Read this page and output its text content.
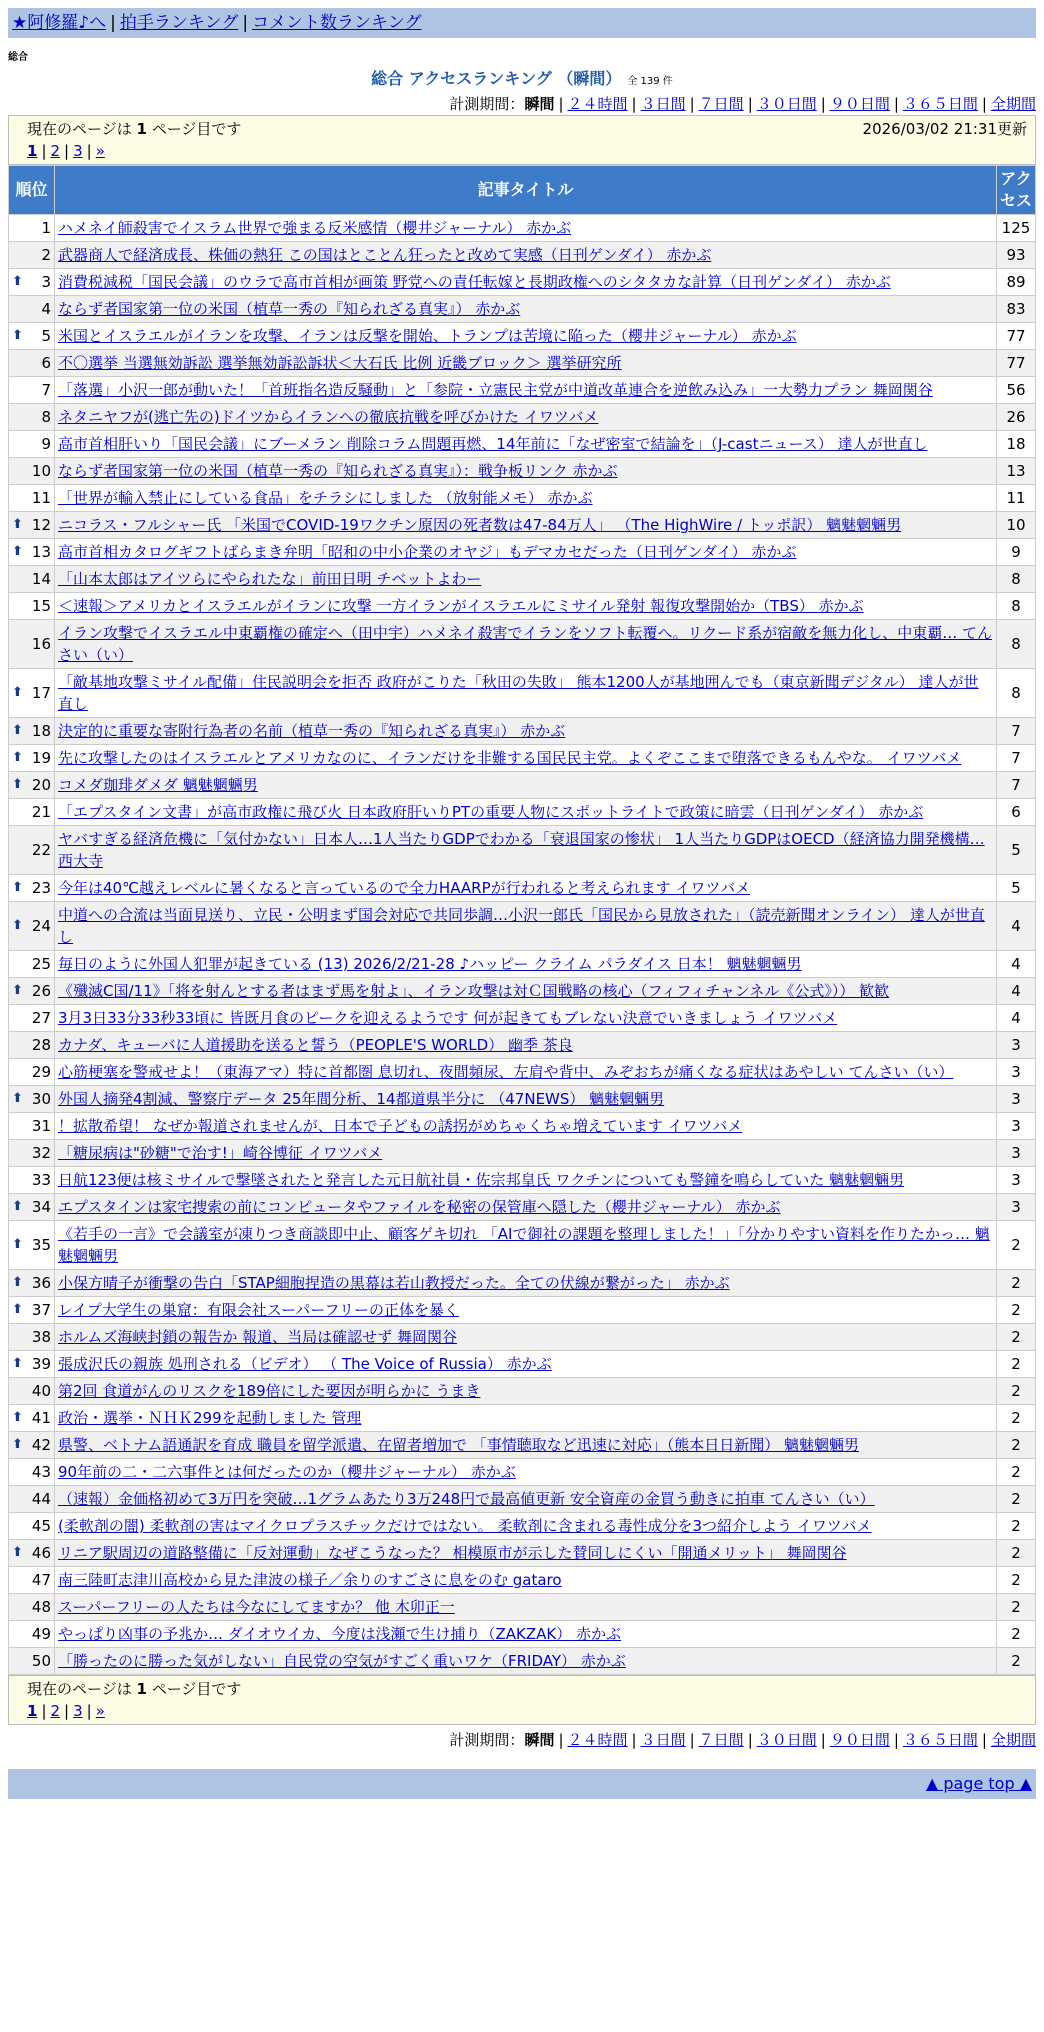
★阿修羅♪へ | 拍手ランキング | コメント数ランキング
総合
総合 アクセスランキング （瞬間） 全 139 件
計測期間：瞬間 | ２４時間 | ３日間 | ７日間 | ３０日間 | ９０日間 | ３６５日間 | 全期間
現在のページは 1 ページ目です	2026/03/02 21:31更新
1 | 2 | 3 | »
順位	記事タイトル	アクセス
1	ハメネイ師殺害でイスラム世界で強まる反米感情（櫻井ジャーナル） 赤かぶ	125
2	武器商人で経済成長、株価の熱狂 この国はとことん狂ったと改めて実感（日刊ゲンダイ） 赤かぶ	93

⬆ 3	消費税減税「国民会議」のウラで高市首相が画策 野党への責任転嫁と長期政権へのシタタカな計算（日刊ゲンダイ） 赤かぶ	89
4	ならず者国家第一位の米国（植草一秀の『知られざる真実』） 赤かぶ	83

⬆ 5	米国とイスラエルがイランを攻撃、イランは反撃を開始、トランプは苦境に陥った（櫻井ジャーナル） 赤かぶ	77
6	不〇選挙 当選無効訴訟 選挙無効訴訟訴状＜大石氏 比例 近畿ブロック＞ 選挙研究所	77
7	「落選」小沢一郎が動いた！「首班指名造反騒動」と「参院・立憲民主党が中道改革連合を逆飲み込み」一大勢力プラン 舞岡関谷	56
8	ネタニヤフが(逃亡先の)ドイツからイランへの徹底抗戦を呼びかけた イワツバメ	26
9	高市首相肝いり「国民会議」にブーメラン 削除コラム問題再燃、14年前に「なぜ密室で結論を」（J-castニュース） 達人が世直し	18
10	ならず者国家第一位の米国（植草一秀の『知られざる真実』）：戦争板リンク 赤かぶ	13
11	「世界が輸入禁止にしている食品」をチラシにしました （放射能メモ） 赤かぶ	11

⬆ 12	ニコラス・フルシャー氏 「米国でCOVID-19ワクチン原因の死者数は47-84万人」 （The HighWire / トッポ訳） 魑魅魍魎男	10

⬆ 13	高市首相カタログギフトばらまき弁明「昭和の中小企業のオヤジ」もデマカセだった（日刊ゲンダイ） 赤かぶ	9
14	「山本太郎はアイツらにやられたな」前田日明 チベットよわー	8
15	＜速報＞アメリカとイスラエルがイランに攻撃 一方イランがイスラエルにミサイル発射 報復攻撃開始か（TBS） 赤かぶ	8
16	イラン攻撃でイスラエル中東覇権の確定へ（田中宇）ハメネイ殺害でイランをソフト転覆へ。リクード系が宿敵を無力化し、中東覇… てんさい（い）	8

⬆ 17	「敵基地攻撃ミサイル配備」住民説明会を拒否 政府がこりた「秋田の失敗」 熊本1200人が基地囲んでも（東京新聞デジタル） 達人が世直し	8

⬆ 18	決定的に重要な寄附行為者の名前（植草一秀の『知られざる真実』） 赤かぶ	7

⬆ 19	先に攻撃したのはイスラエルとアメリカなのに、イランだけを非難する国民民主党。よくぞここまで堕落できるもんやな。 イワツバメ	7

⬆ 20	コメダ珈琲ダメダ 魑魅魍魎男	7
21	「エプスタイン文書」が高市政権に飛び火 日本政府肝いりPTの重要人物にスポットライトで政策に暗雲（日刊ゲンダイ） 赤かぶ	6
22	ヤバすぎる経済危機に「気付かない」日本人…1人当たりGDPでわかる「衰退国家の惨状」 1人当たりGDPはOECD（経済協力開発機構… 西大寺	5

⬆ 23	今年は40℃越えレベルに暑くなると言っているので全力HAARPが行われると考えられます イワツバメ	5

⬆ 24	中道への合流は当面見送り、立民・公明まず国会対応で共同歩調…小沢一郎氏「国民から見放された」（読売新聞オンライン） 達人が世直し	4
25	毎日のように外国人犯罪が起きている (13) 2026/2/21-28 ♪ハッピー クライム パラダイス 日本！ 魑魅魍魎男	4

⬆ 26	《殲滅C国/11》「将を射んとする者はまず馬を射よ」、イラン攻撃は対Ｃ国戦略の核心（フィフィチャンネル《公式》）） 歓歓	4
27	3月3日33分33秒33頃に 皆既月食のピークを迎えるようです 何が起きてもブレない決意でいきましょう イワツバメ	4
28	カナダ、キューバに人道援助を送ると誓う（PEOPLE'S WORLD） 幽季 茶良	3
29	心筋梗塞を警戒せよ！（東海アマ）特に首都圏 息切れ、夜間頻尿、左肩や背中、みぞおちが痛くなる症状はあやしい てんさい（い）	3

⬆ 30	外国人摘発4割減、警察庁データ 25年間分析、14都道県半分に （47NEWS） 魑魅魍魎男	3
31	！拡散希望！ なぜか報道されませんが、日本で子どもの誘拐がめちゃくちゃ増えています イワツバメ	3
32	「糖尿病は"砂糖"で治す!」崎谷博征 イワツバメ	3
33	日航123便は核ミサイルで撃墜されたと発言した元日航社員・佐宗邦皇氏 ワクチンについても警鐘を鳴らしていた 魑魅魍魎男	3

⬆ 34	エプスタインは家宅捜索の前にコンピュータやファイルを秘密の保管庫へ隠した（櫻井ジャーナル） 赤かぶ	3

⬆ 35	《若手の一言》で会議室が凍りつき商談即中止、顧客ゲキ切れ 「AIで御社の課題を整理しました！」「分かりやすい資料を作りたかっ… 魑魅魍魎男	2

⬆ 36	小保方晴子が衝撃の告白「STAP細胞捏造の黒幕は若山教授だった。全ての伏線が繋がった」 赤かぶ	2

⬆ 37	レイプ大学生の巣窟：有限会社スーパーフリーの正体を暴く	2
38	ホルムズ海峡封鎖の報告か 報道、当局は確認せず 舞岡関谷	2

⬆ 39	張成沢氏の親族 処刑される（ビデオ） （ The Voice of Russia） 赤かぶ	2
40	第2回 食道がんのリスクを189倍にした要因が明らかに うまき	2

⬆ 41	政治・選挙・ＮＨＫ299を起動しました 管理	2

⬆ 42	県警、ベトナム語通訳を育成 職員を留学派遣、在留者増加で 「事情聴取など迅速に対応」（熊本日日新聞） 魑魅魍魎男	2
43	90年前の二・二六事件とは何だったのか（櫻井ジャーナル） 赤かぶ	2
44	（速報）金価格初めて3万円を突破…1グラムあたり3万248円で最高値更新 安全資産の金買う動きに拍車 てんさい（い）	2
45	(柔軟剤の闇) 柔軟剤の害はマイクロプラスチックだけではない。 柔軟剤に含まれる毒性成分を3つ紹介しよう イワツバメ	2

⬆ 46	リニア駅周辺の道路整備に「反対運動」なぜこうなった？ 相模原市が示した賛同しにくい「開通メリット」 舞岡関谷	2
47	南三陸町志津川高校から見た津波の様子／余りのすごさに息をのむ gataro	2
48	スーパーフリーの人たちは今なにしてますか？ 他 木卯正一	2
49	やっぱり凶事の予兆か… ダイオウイカ、今度は浅瀬で生け捕り（ZAKZAK） 赤かぶ	2
50	「勝ったのに勝った気がしない」自民党の空気がすごく重いワケ（FRIDAY） 赤かぶ	2
現在のページは 1 ページ目です
1 | 2 | 3 | »
計測期間：瞬間 | ２４時間 | ３日間 | ７日間 | ３０日間 | ９０日間 | ３６５日間 | 全期間
▲ page top ▲
